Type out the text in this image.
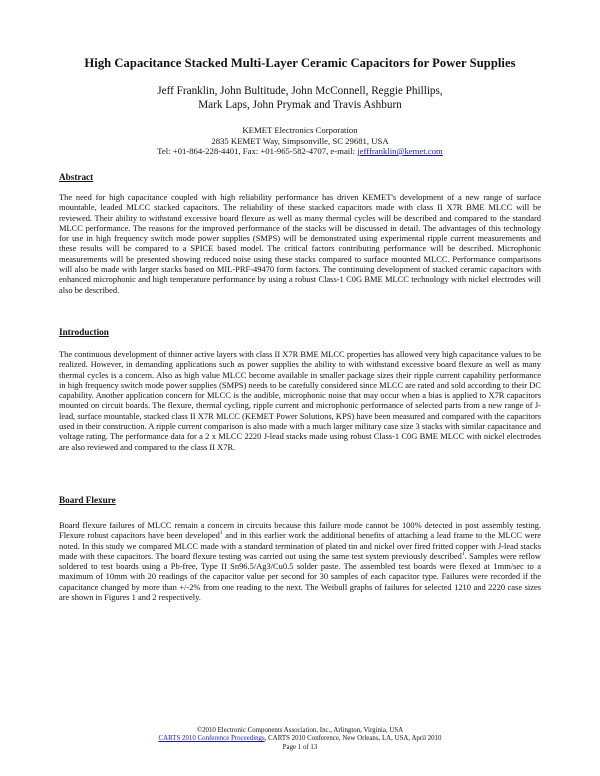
High Capacitance Stacked Multi-Layer Ceramic Capacitors for Power Supplies
Jeff Franklin, John Bultitude, John McConnell, Reggie Phillips,
Mark Laps, John Prymak and Travis Ashburn
KEMET Electronics Corporation
2835 KEMET Way, Simpsonville, SC 29681, USA
Tel: +01-864-228-4401, Fax: +01-965-582-4707, e-mail: jefffranklin@kemet.com
Abstract

The need for high capacitance coupled with high reliability performance has driven KEMET's development of a new range of surface mountable, leaded MLCC stacked capacitors. The reliability of these stacked capacitors made with class II X7R BME MLCC will be reviewed. Their ability to withstand excessive board flexure as well as many thermal cycles will be described and compared to the standard MLCC performance. The reasons for the improved performance of the stacks will be discussed in detail. The advantages of this technology for use in high frequency switch mode power supplies (SMPS) will be demonstrated using experimental ripple current measurements and these results will be compared to a SPICE based model. The critical factors contributing performance will be described. Microphonic measurements will be presented showing reduced noise using these stacks compared to surface mounted MLCC. Performance comparisons will also be made with larger stacks based on MIL-PRF-49470 form factors. The continuing development of stacked ceramic capacitors with enhanced microphonic and high temperature performance by using a robust Class-1 C0G BME MLCC technology with nickel electrodes will also be described.

Introduction

The continuous development of thinner active layers with class II X7R BME MLCC properties has allowed very high capacitance values to be realized. However, in demanding applications such as power supplies the ability to with withstand excessive board flexure as well as many thermal cycles is a concern. Also as high value MLCC become available in smaller package sizes their ripple current capability performance in high frequency switch mode power supplies (SMPS) needs to be carefully considered since MLCC are rated and sold according to their DC capability. Another application concern for MLCC is the audible, microphonic noise that may occur when a bias is applied to X7R capacitors mounted on circuit boards. The flexure, thermal cycling, ripple current and microphonic performance of selected parts from a new range of J-lead, surface mountable, stacked class II X7R MLCC (KEMET Power Solutions, KPS) have been measured and compared with the capacitors used in their construction. A ripple current comparison is also made with a much larger military case size 3 stacks with similar capacitance and voltage rating. The performance data for a 2 x MLCC 2220 J-lead stacks made using robust Class-1 C0G BME MLCC with nickel electrodes are also reviewed and compared to the class II X7R.

Board Flexure

Board flexure failures of MLCC remain a concern in circuits because this failure mode cannot be 100% detected in post assembly testing. Flexure robust capacitors have been developed$^1$ and in this earlier work the additional benefits of attaching a lead frame to the MLCC were noted. In this study we compared MLCC made with a standard termination of plated tin and nickel over fired fritted copper with J-lead stacks made with these capacitors. The board flexure testing was carried out using the same test system previously described$^1$. Samples were reflow soldered to test boards using a Pb-free, Type II Sn96.5/Ag3/Cu0.5 solder paste. The assembled test boards were flexed at 1mm/sec to a maximum of 10mm with 20 readings of the capacitor value per second for 30 samples of each capacitor type. Failures were recorded if the capacitance changed by more than +/-2% from one reading to the next. The Weibull graphs of failures for selected 1210 and 2220 case sizes are shown in Figures 1 and 2 respectively.

©2010 Electronic Components Association, Inc., Arlington, Virginia, USA
CARTS 2010 Conference Proceedings, CARTS 2010 Conference, New Orleans, LA, USA, April 2010
Page 1 of 13
